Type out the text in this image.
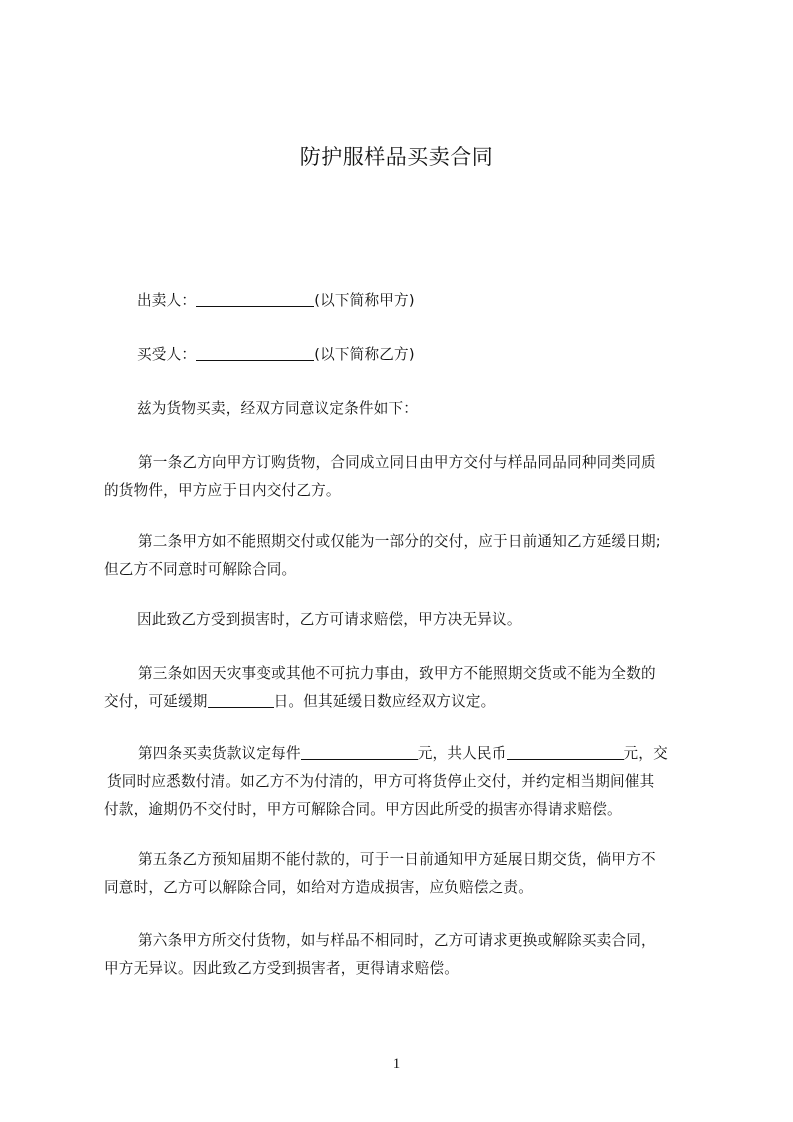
防护服样品买卖合同
出卖人：	(以下简称甲方)
买受人：	(以下简称乙方)
兹为货物买卖，经双方同意议定条件如下：
第一条乙方向甲方订购货物，合同成立同日由甲方交付与样品同品同种同类同质
的货物件，甲方应于日内交付乙方。
第二条甲方如不能照期交付或仅能为一部分的交付，应于日前通知乙方延缓日期;
但乙方不同意时可解除合同。
因此致乙方受到损害时，乙方可请求赔偿，甲方决无异议。
第三条如因天灾事变或其他不可抗力事由，致甲方不能照期交货或不能为全数的
交付，可延缓期	日。但其延缓日数应经双方议定。
第四条买卖货款议定每件	元，共人民币	元，交
货同时应悉数付清。如乙方不为付清的，甲方可将货停止交付，并约定相当期间催其
付款，逾期仍不交付时，甲方可解除合同。甲方因此所受的损害亦得请求赔偿。
第五条乙方预知届期不能付款的，可于一日前通知甲方延展日期交货，倘甲方不
同意时，乙方可以解除合同，如给对方造成损害，应负赔偿之责。
第六条甲方所交付货物，如与样品不相同时，乙方可请求更换或解除买卖合同，
甲方无异议。因此致乙方受到损害者，更得请求赔偿。
1
